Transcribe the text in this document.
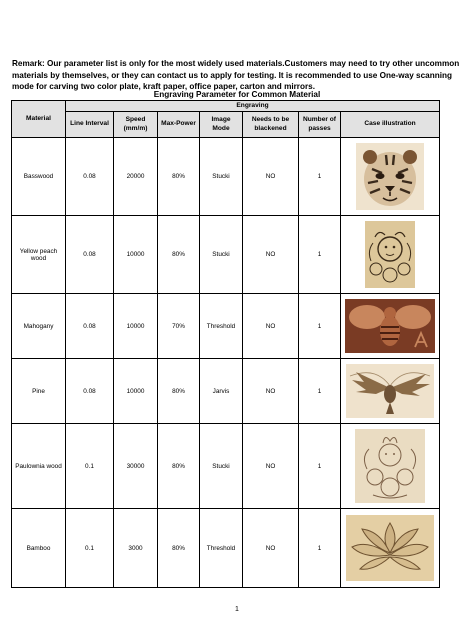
Remark: Our parameter list is only for the most widely used materials.Customers may need to try other uncommon materials by themselves, or they can contact us to apply for testing. It is recommended to use One-way scanning mode for carving two color plate, kraft paper, office paper, carton and mirrors.
Engraving Parameter for Common Material
Material	Engraving						
	Line Interval	Speed (mm/m)	Max-Power	Image Mode	Needs to be blackened	Number of passes	Case illustration
Basswood	0.08	20000	80%	Stucki	NO	1	

Yellow peach wood	0.08	10000	80%	Stucki	NO	1	

Mahogany	0.08	10000	70%	Threshold	NO	1	

Pine	0.08	10000	80%	Jarvis	NO	1	

Paulownia wood	0.1	30000	80%	Stucki	NO	1	

Bamboo	0.1	3000	80%	Threshold	NO	1	
1
